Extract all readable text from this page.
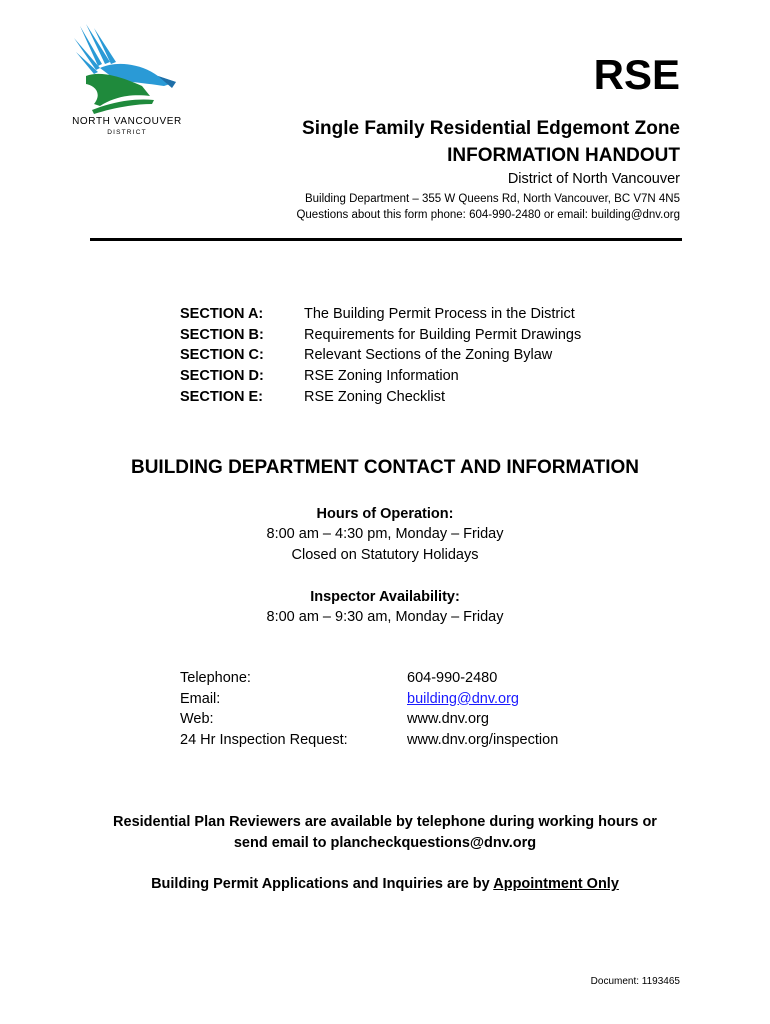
NORTH VANCOUVER
DISTRICT
RSE
Single Family Residential Edgemont Zone
INFORMATION HANDOUT
District of North Vancouver
Building Department – 355 W Queens Rd, North Vancouver, BC V7N 4N5
Questions about this form phone: 604-990-2480 or email: building@dnv.org
SECTION A:	The Building Permit Process in the District
SECTION B:	Requirements for Building Permit Drawings
SECTION C:	Relevant Sections of the Zoning Bylaw
SECTION D:	RSE Zoning Information
SECTION E:	RSE Zoning Checklist
BUILDING DEPARTMENT CONTACT AND INFORMATION
Hours of Operation:
8:00 am – 4:30 pm, Monday – Friday
Closed on Statutory Holidays
Inspector Availability:
8:00 am – 9:30 am, Monday – Friday
Telephone:	604-990-2480
Email:	building@dnv.org
Web:	www.dnv.org
24 Hr Inspection Request:	www.dnv.org/inspection
Residential Plan Reviewers are available by telephone during working hours or
send email to plancheckquestions@dnv.org
Building Permit Applications and Inquiries are by Appointment Only
Document: 1193465
